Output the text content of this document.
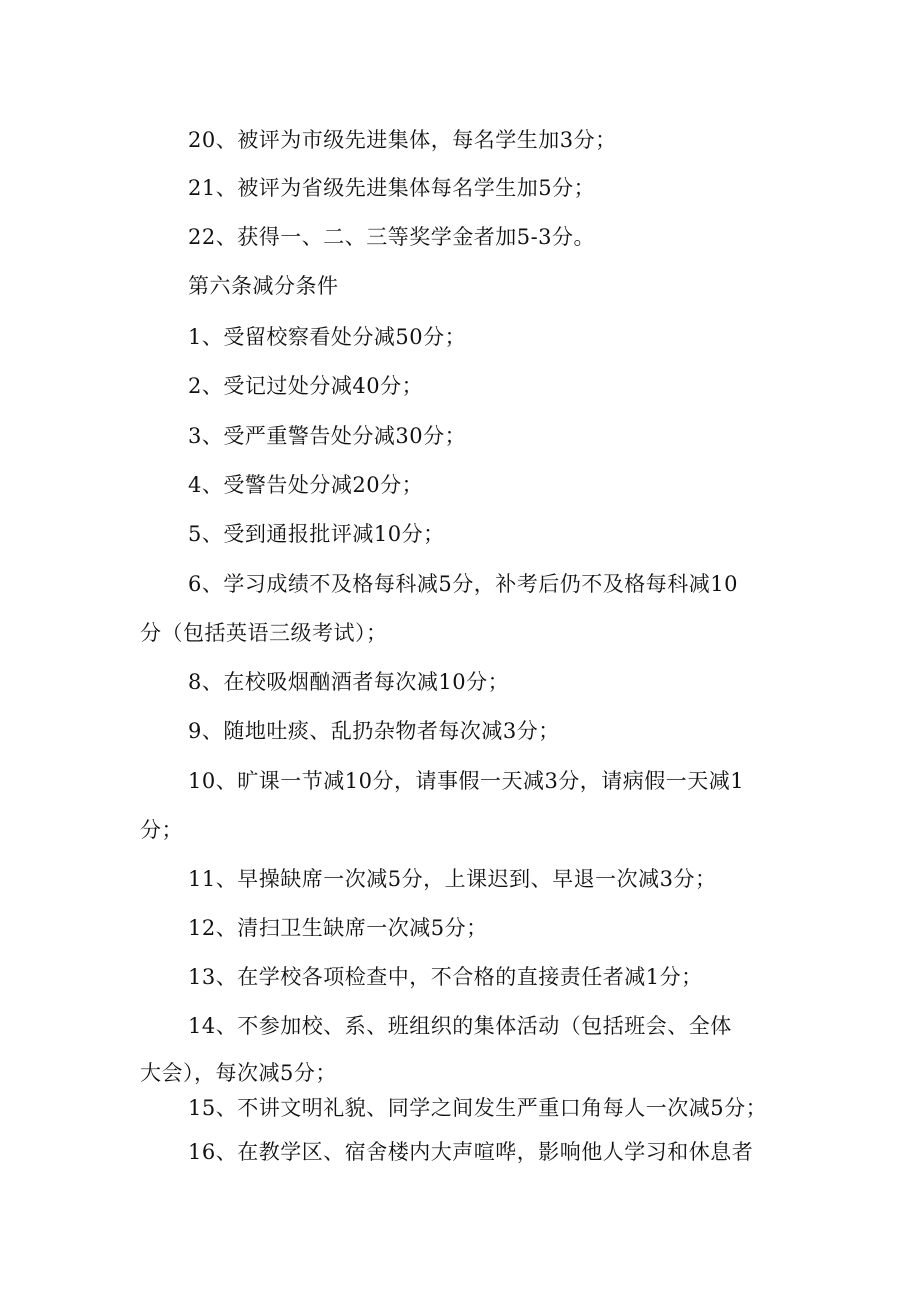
20、被评为市级先进集体，每名学生加3分；
21、被评为省级先进集体每名学生加5分；
22、获得一、二、三等奖学金者加5-3分。
第六条减分条件
1、受留校察看处分减50分；
2、受记过处分减40分；
3、受严重警告处分减30分；
4、受警告处分减20分；
5、受到通报批评减10分；
6、学习成绩不及格每科减5分，补考后仍不及格每科减10
分（包括英语三级考试）；
8、在校吸烟酗酒者每次减10分；
9、随地吐痰、乱扔杂物者每次减3分；
10、旷课一节减10分，请事假一天减3分，请病假一天减1
分；
11、早操缺席一次减5分，上课迟到、早退一次减3分；
12、清扫卫生缺席一次减5分；
13、在学校各项检查中，不合格的直接责任者减1分；
14、不参加校、系、班组织的集体活动（包括班会、全体
大会），每次减5分；
15、不讲文明礼貌、同学之间发生严重口角每人一次减5分；
16、在教学区、宿舍楼内大声喧哗，影响他人学习和休息者
